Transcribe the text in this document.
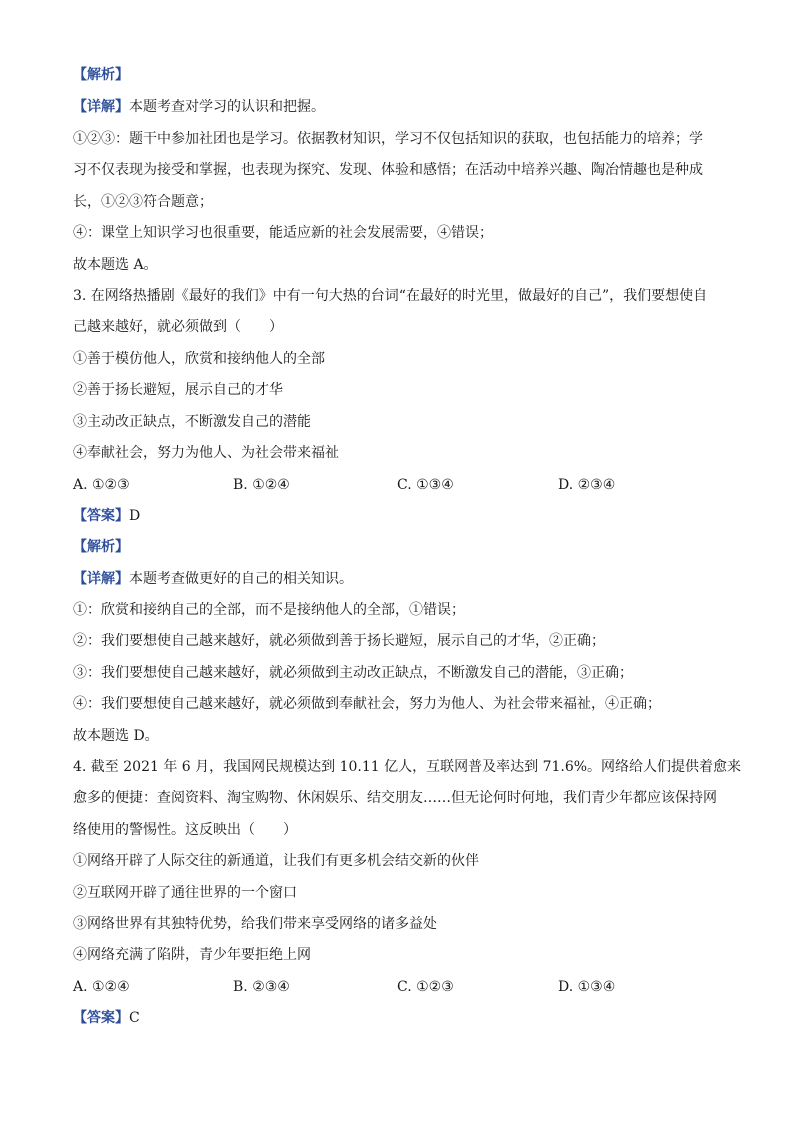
【解析】
【详解】本题考查对学习的认识和把握。
①②③：题干中参加社团也是学习。依据教材知识，学习不仅包括知识的获取，也包括能力的培养；学
习不仅表现为接受和掌握，也表现为探究、发现、体验和感悟；在活动中培养兴趣、陶冶情趣也是种成
长，①②③符合题意；
④：课堂上知识学习也很重要，能适应新的社会发展需要，④错误；
故本题选 A。
3. 在网络热播剧《最好的我们》中有一句大热的台词“在最好的时光里，做最好的自己”，我们要想使自
己越来越好，就必须做到（　　）
①善于模仿他人，欣赏和接纳他人的全部
②善于扬长避短，展示自己的才华
③主动改正缺点，不断激发自己的潜能
④奉献社会，努力为他人、为社会带来福祉
A. ①②③	B. ①②④	C. ①③④	D. ②③④
【答案】D
【解析】
【详解】本题考查做更好的自己的相关知识。
①：欣赏和接纳自己的全部，而不是接纳他人的全部，①错误；
②：我们要想使自己越来越好，就必须做到善于扬长避短，展示自己的才华，②正确；
③：我们要想使自己越来越好，就必须做到主动改正缺点，不断激发自己的潜能，③正确；
④：我们要想使自己越来越好，就必须做到奉献社会，努力为他人、为社会带来福祉，④正确；
故本题选 D。
4. 截至 2021 年 6 月，我国网民规模达到 10.11 亿人，互联网普及率达到 71.6%。网络给人们提供着愈来
愈多的便捷：查阅资料、淘宝购物、休闲娱乐、结交朋友……但无论何时何地，我们青少年都应该保持网
络使用的警惕性。这反映出（　　）
①网络开辟了人际交往的新通道，让我们有更多机会结交新的伙伴
②互联网开辟了通往世界的一个窗口
③网络世界有其独特优势，给我们带来享受网络的诸多益处
④网络充满了陷阱，青少年要拒绝上网
A. ①②④	B. ②③④	C. ①②③	D. ①③④
【答案】C
